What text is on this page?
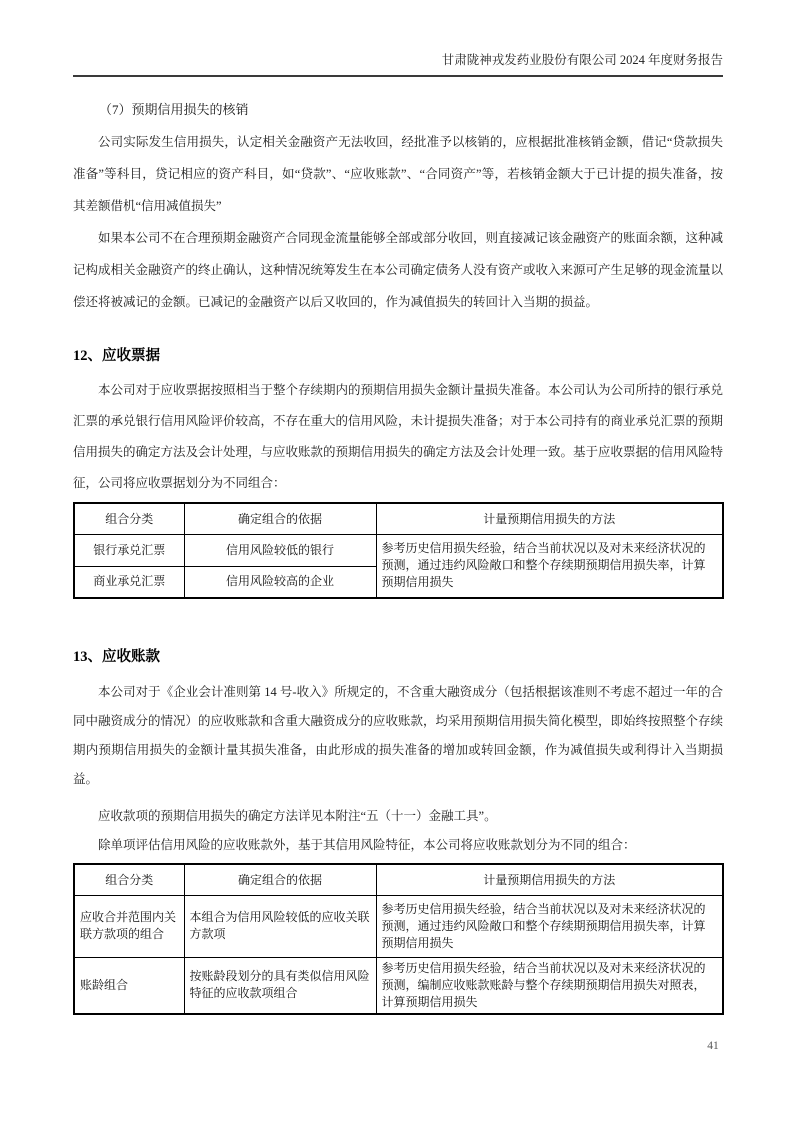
甘肃陇神戎发药业股份有限公司 2024 年度财务报告
（7）预期信用损失的核销

公司实际发生信用损失，认定相关金融资产无法收回，经批准予以核销的，应根据批准核销金额，借记“贷款损失准备”等科目，贷记相应的资产科目，如“贷款”、“应收账款”、“合同资产”等，若核销金额大于已计提的损失准备，按其差额借机“信用减值损失”

如果本公司不在合理预期金融资产合同现金流量能够全部或部分收回，则直接减记该金融资产的账面余额，这种减记构成相关金融资产的终止确认，这种情况统筹发生在本公司确定债务人没有资产或收入来源可产生足够的现金流量以偿还将被减记的金额。已减记的金融资产以后又收回的，作为减值损失的转回计入当期的损益。

12、应收票据

本公司对于应收票据按照相当于整个存续期内的预期信用损失金额计量损失准备。本公司认为公司所持的银行承兑汇票的承兑银行信用风险评价较高，不存在重大的信用风险，未计提损失准备；对于本公司持有的商业承兑汇票的预期信用损失的确定方法及会计处理，与应收账款的预期信用损失的确定方法及会计处理一致。基于应收票据的信用风险特征，公司将应收票据划分为不同组合：

组合分类	确定组合的依据	计量预期信用损失的方法
银行承兑汇票	信用风险较低的银行	参考历史信用损失经验，结合当前状况以及对未来经济状况的预测，通过违约风险敞口和整个存续期预期信用损失率，计算预期信用损失
商业承兑汇票	信用风险较高的企业	
13、应收账款

本公司对于《企业会计准则第 14 号-收入》所规定的，不含重大融资成分（包括根据该准则不考虑不超过一年的合同中融资成分的情况）的应收账款和含重大融资成分的应收账款，均采用预期信用损失简化模型，即始终按照整个存续期内预期信用损失的金额计量其损失准备，由此形成的损失准备的增加或转回金额，作为减值损失或利得计入当期损益。

应收款项的预期信用损失的确定方法详见本附注“五（十一）金融工具”。

除单项评估信用风险的应收账款外，基于其信用风险特征，本公司将应收账款划分为不同的组合：

组合分类	确定组合的依据	计量预期信用损失的方法
应收合并范围内关联方款项的组合	本组合为信用风险较低的应收关联方款项	参考历史信用损失经验，结合当前状况以及对未来经济状况的预测，通过违约风险敞口和整个存续期预期信用损失率，计算预期信用损失
账龄组合	按账龄段划分的具有类似信用风险特征的应收款项组合	参考历史信用损失经验，结合当前状况以及对未来经济状况的预测，编制应收账款账龄与整个存续期预期信用损失对照表，计算预期信用损失
41
